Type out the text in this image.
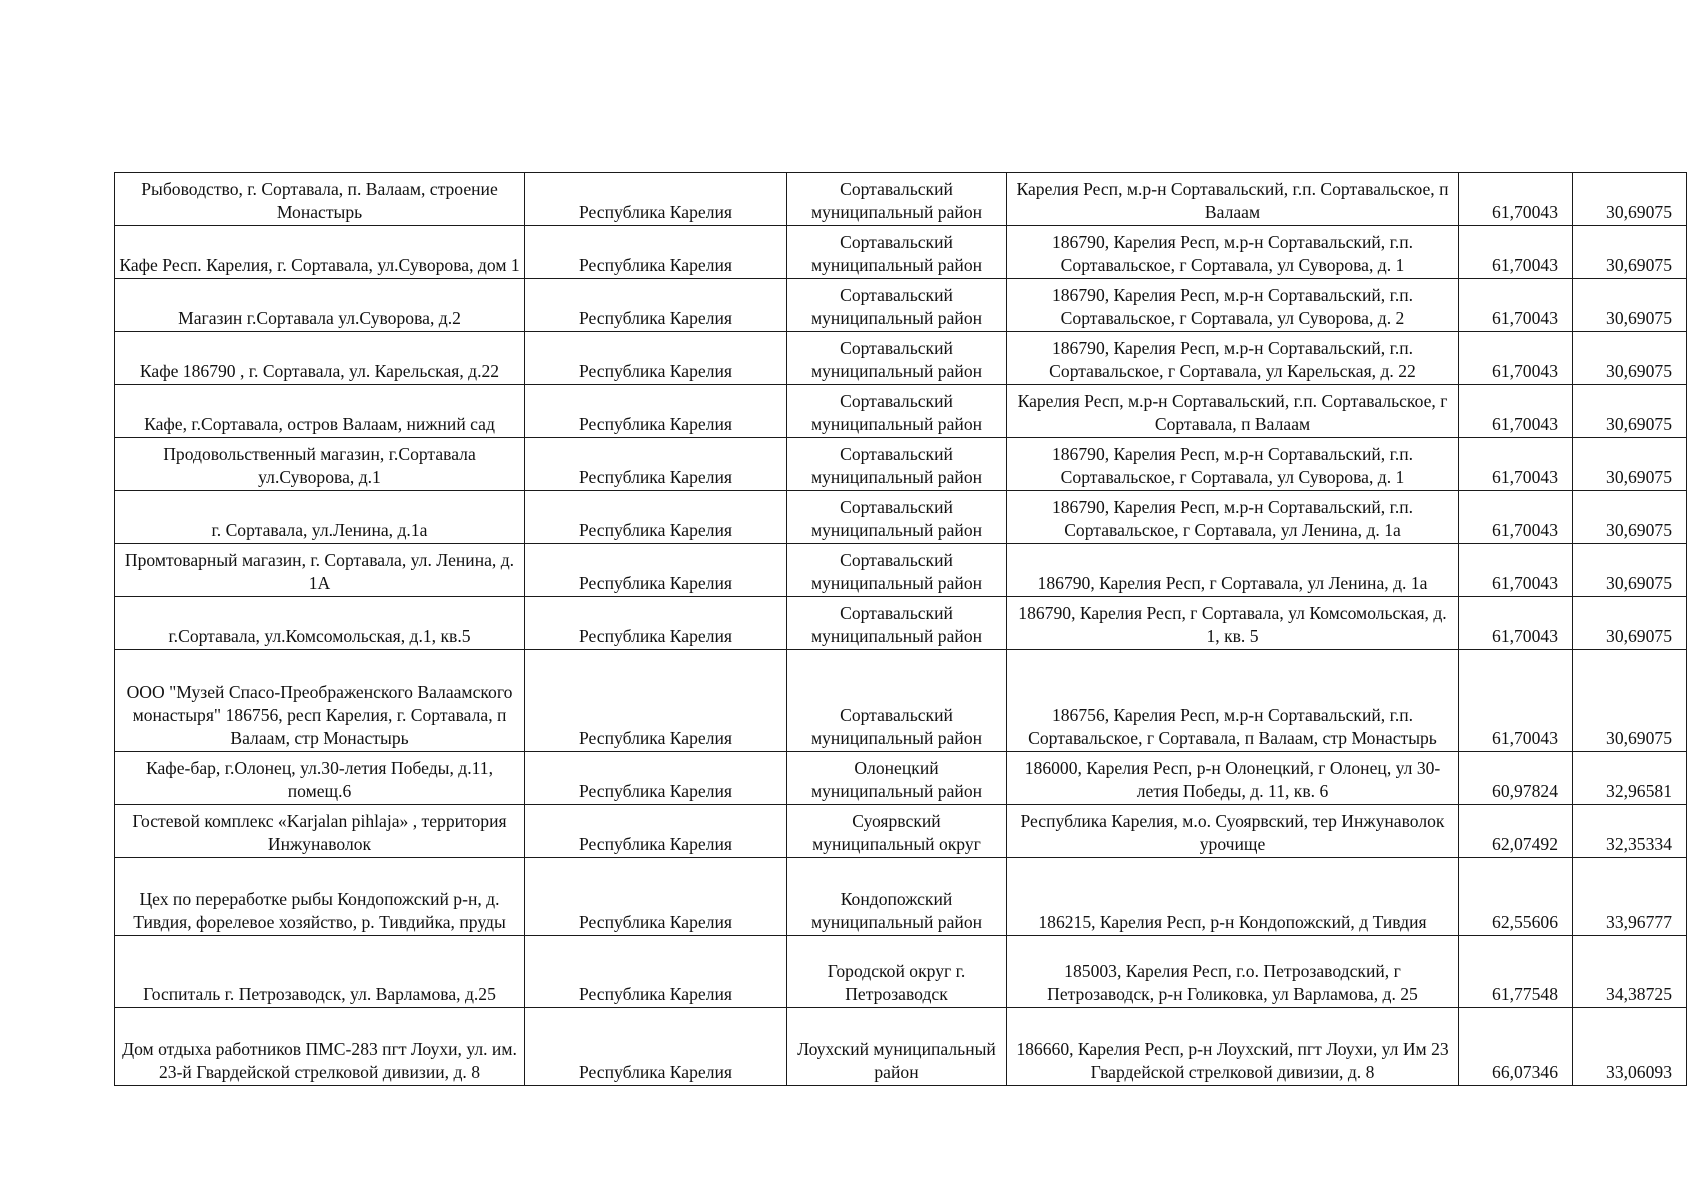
Рыбоводство, г. Сортавала, п. Валаам, строение Монастырь	Республика Карелия	Сортавальский муниципальный район	Карелия Респ, м.р-н Сортавальский, г.п. Сортавальское, п Валаам	61,70043	30,69075
Кафе Респ. Карелия, г. Сортавала, ул.Суворова, дом 1	Республика Карелия	Сортавальский муниципальный район	186790, Карелия Респ, м.р-н Сортавальский, г.п. Сортавальское, г Сортавала, ул Суворова, д. 1	61,70043	30,69075
Магазин г.Сортавала ул.Суворова, д.2	Республика Карелия	Сортавальский муниципальный район	186790, Карелия Респ, м.р-н Сортавальский, г.п. Сортавальское, г Сортавала, ул Суворова, д. 2	61,70043	30,69075
Кафе 186790 , г. Сортавала, ул. Карельская, д.22	Республика Карелия	Сортавальский муниципальный район	186790, Карелия Респ, м.р-н Сортавальский, г.п. Сортавальское, г Сортавала, ул Карельская, д. 22	61,70043	30,69075
Кафе, г.Сортавала, остров Валаам, нижний сад	Республика Карелия	Сортавальский муниципальный район	Карелия Респ, м.р-н Сортавальский, г.п. Сортавальское, г Сортавала, п Валаам	61,70043	30,69075
Продовольственный магазин, г.Сортавала ул.Суворова, д.1	Республика Карелия	Сортавальский муниципальный район	186790, Карелия Респ, м.р-н Сортавальский, г.п. Сортавальское, г Сортавала, ул Суворова, д. 1	61,70043	30,69075
г. Сортавала, ул.Ленина, д.1а	Республика Карелия	Сортавальский муниципальный район	186790, Карелия Респ, м.р-н Сортавальский, г.п. Сортавальское, г Сортавала, ул Ленина, д. 1а	61,70043	30,69075
Промтоварный магазин, г. Сортавала, ул. Ленина, д. 1А	Республика Карелия	Сортавальский муниципальный район	186790, Карелия Респ, г Сортавала, ул Ленина, д. 1а	61,70043	30,69075
г.Сортавала, ул.Комсомольская, д.1, кв.5	Республика Карелия	Сортавальский муниципальный район	186790, Карелия Респ, г Сортавала, ул Комсомольская, д. 1, кв. 5	61,70043	30,69075
ООО "Музей Спасо-Преображенского Валаамского монастыря" 186756, респ Карелия, г. Сортавала, п Валаам, стр Монастырь	Республика Карелия	Сортавальский муниципальный район	186756, Карелия Респ, м.р-н Сортавальский, г.п. Сортавальское, г Сортавала, п Валаам, стр Монастырь	61,70043	30,69075
Кафе-бар, г.Олонец, ул.30-летия Победы, д.11, помещ.6	Республика Карелия	Олонецкий муниципальный район	186000, Карелия Респ, р-н Олонецкий, г Олонец, ул 30-летия Победы, д. 11, кв. 6	60,97824	32,96581
Гостевой комплекс «Karjalan pihlaja» , территория Инжунаволок	Республика Карелия	Суоярвский муниципальный округ	Республика Карелия, м.о. Суоярвский, тер Инжунаволок урочище	62,07492	32,35334
Цех по переработке рыбы Кондопожский р-н, д. Тивдия, форелевое хозяйство, р. Тивдийка, пруды	Республика Карелия	Кондопожский муниципальный район	186215, Карелия Респ, р-н Кондопожский, д Тивдия	62,55606	33,96777
Госпиталь г. Петрозаводск, ул. Варламова, д.25	Республика Карелия	Городской округ г. Петрозаводск	185003, Карелия Респ, г.о. Петрозаводский, г Петрозаводск, р-н Голиковка, ул Варламова, д. 25	61,77548	34,38725
Дом отдыха работников ПМС-283 пгт Лоухи, ул. им. 23-й Гвардейской стрелковой дивизии, д. 8	Республика Карелия	Лоухский муниципальный район	186660, Карелия Респ, р-н Лоухский, пгт Лоухи, ул Им 23 Гвардейской стрелковой дивизии, д. 8	66,07346	33,06093
